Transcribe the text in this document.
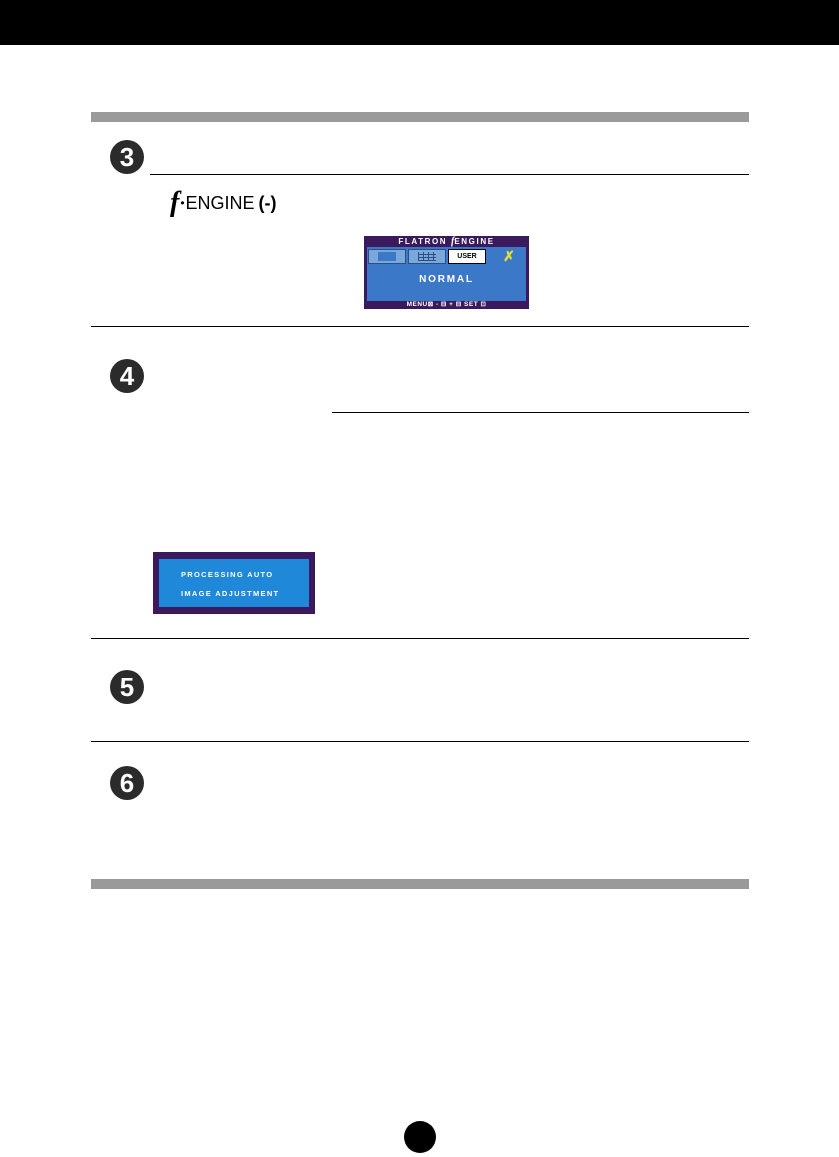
3
f • ENGINE (-)
FLATRON fENGINE
USER	✗
NORMAL
MENU⊠ - ⊟ + ⊟ SET ⊡
4
PROCESSING AUTO
IMAGE ADJUSTMENT
5
6
